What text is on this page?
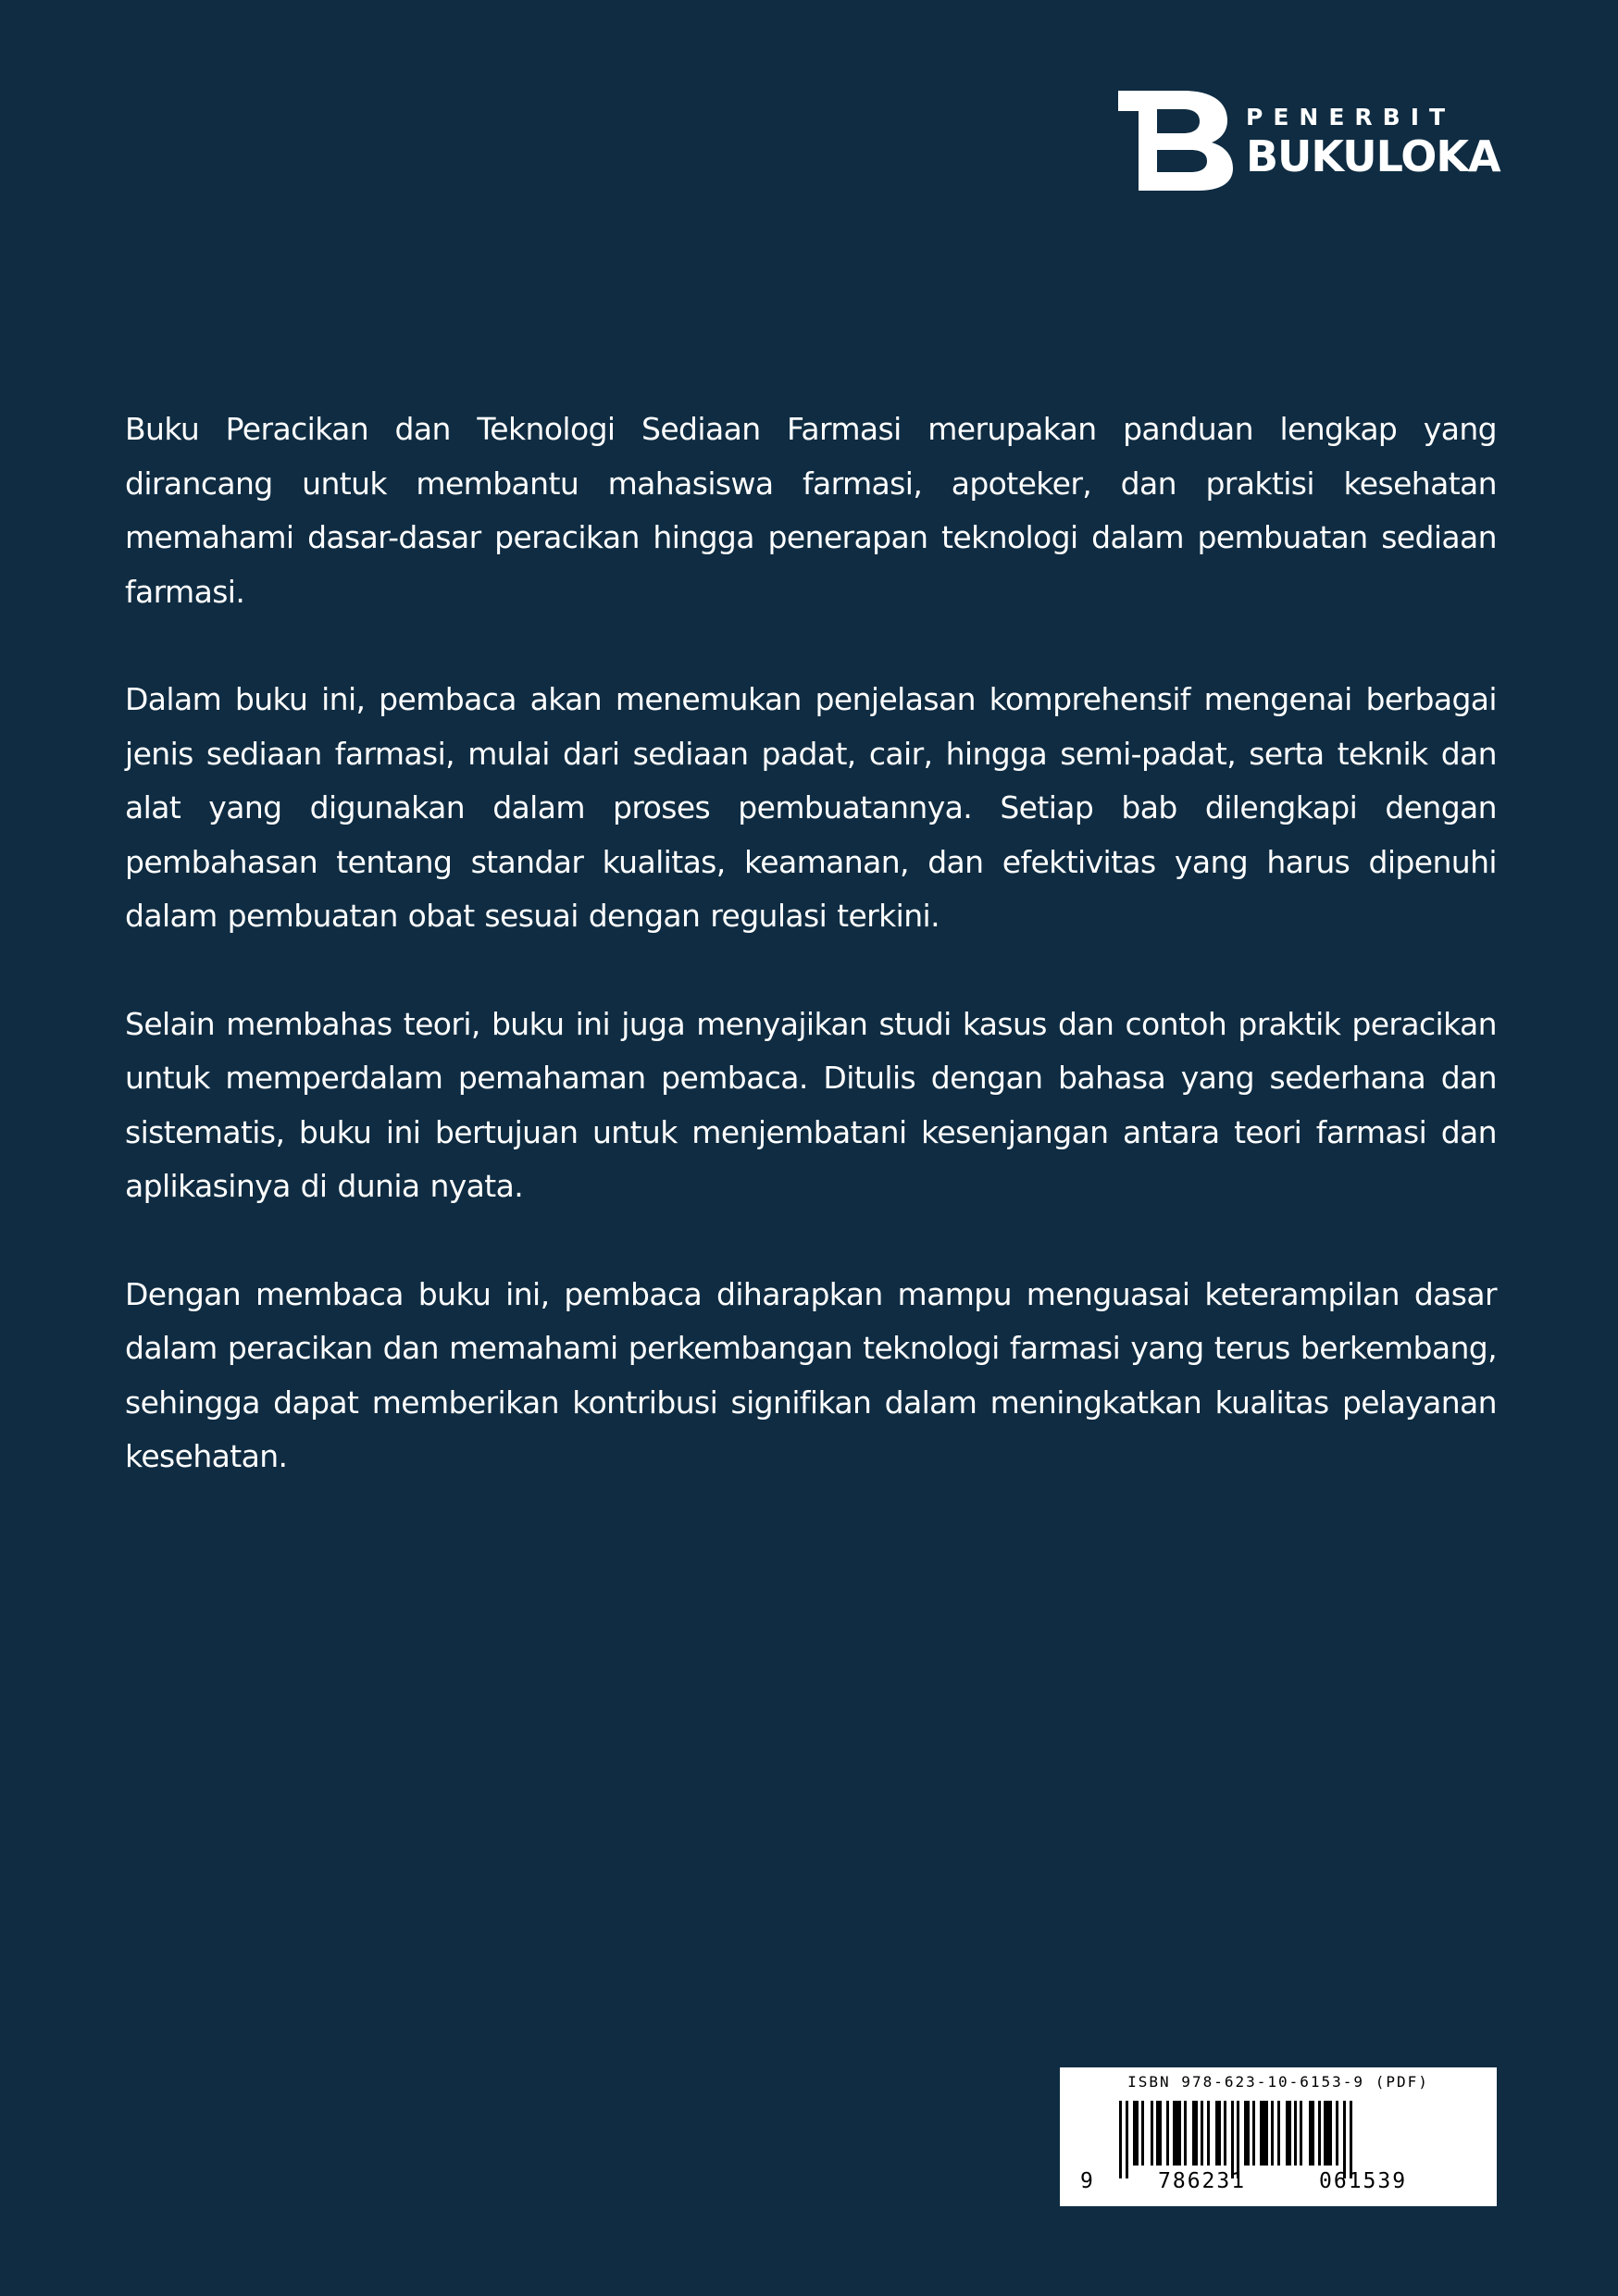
PENERBIT
BUKULOKA

Buku Peracikan dan Teknologi Sediaan Farmasi merupakan panduan lengkap yang dirancang untuk membantu mahasiswa farmasi, apoteker, dan praktisi kesehatan memahami dasar-dasar peracikan hingga penerapan teknologi dalam pembuatan sediaan farmasi.

Dalam buku ini, pembaca akan menemukan penjelasan komprehensif mengenai berbagai jenis sediaan farmasi, mulai dari sediaan padat, cair, hingga semi-padat, serta teknik dan alat yang digunakan dalam proses pembuatannya. Setiap bab dilengkapi dengan pembahasan tentang standar kualitas, keamanan, dan efektivitas yang harus dipenuhi dalam pembuatan obat sesuai dengan regulasi terkini.

Selain membahas teori, buku ini juga menyajikan studi kasus dan contoh praktik peracikan untuk memperdalam pemahaman pembaca. Ditulis dengan bahasa yang sederhana dan sistematis, buku ini bertujuan untuk menjembatani kesenjangan antara teori farmasi dan aplikasinya di dunia nyata.

Dengan membaca buku ini, pembaca diharapkan mampu menguasai keterampilan dasar dalam peracikan dan memahami perkembangan teknologi farmasi yang terus berkembang, sehingga dapat memberikan kontribusi signifikan dalam meningkatkan kualitas pelayanan kesehatan.

ISBN 978-623-10-6153-9 (PDF)
9	786231	061539
